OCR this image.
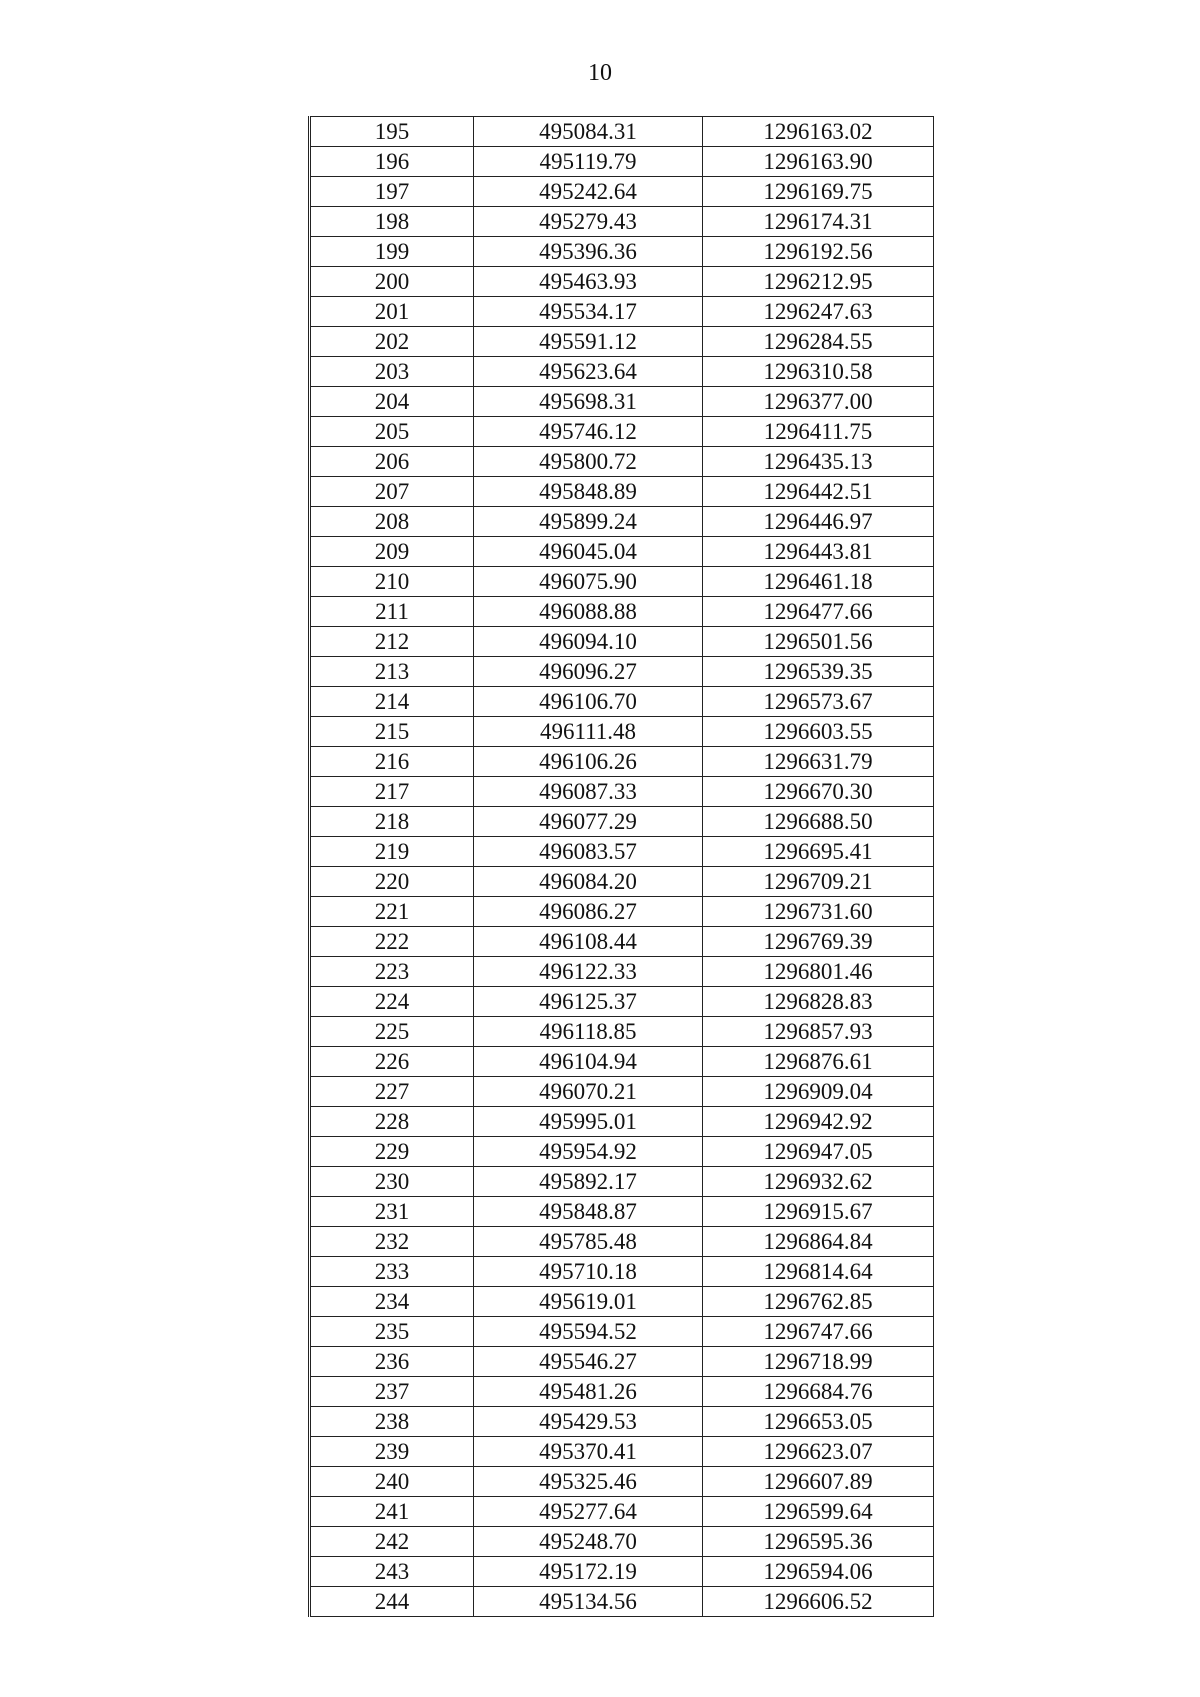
10
195	495084.31	1296163.02
196	495119.79	1296163.90
197	495242.64	1296169.75
198	495279.43	1296174.31
199	495396.36	1296192.56
200	495463.93	1296212.95
201	495534.17	1296247.63
202	495591.12	1296284.55
203	495623.64	1296310.58
204	495698.31	1296377.00
205	495746.12	1296411.75
206	495800.72	1296435.13
207	495848.89	1296442.51
208	495899.24	1296446.97
209	496045.04	1296443.81
210	496075.90	1296461.18
211	496088.88	1296477.66
212	496094.10	1296501.56
213	496096.27	1296539.35
214	496106.70	1296573.67
215	496111.48	1296603.55
216	496106.26	1296631.79
217	496087.33	1296670.30
218	496077.29	1296688.50
219	496083.57	1296695.41
220	496084.20	1296709.21
221	496086.27	1296731.60
222	496108.44	1296769.39
223	496122.33	1296801.46
224	496125.37	1296828.83
225	496118.85	1296857.93
226	496104.94	1296876.61
227	496070.21	1296909.04
228	495995.01	1296942.92
229	495954.92	1296947.05
230	495892.17	1296932.62
231	495848.87	1296915.67
232	495785.48	1296864.84
233	495710.18	1296814.64
234	495619.01	1296762.85
235	495594.52	1296747.66
236	495546.27	1296718.99
237	495481.26	1296684.76
238	495429.53	1296653.05
239	495370.41	1296623.07
240	495325.46	1296607.89
241	495277.64	1296599.64
242	495248.70	1296595.36
243	495172.19	1296594.06
244	495134.56	1296606.52
